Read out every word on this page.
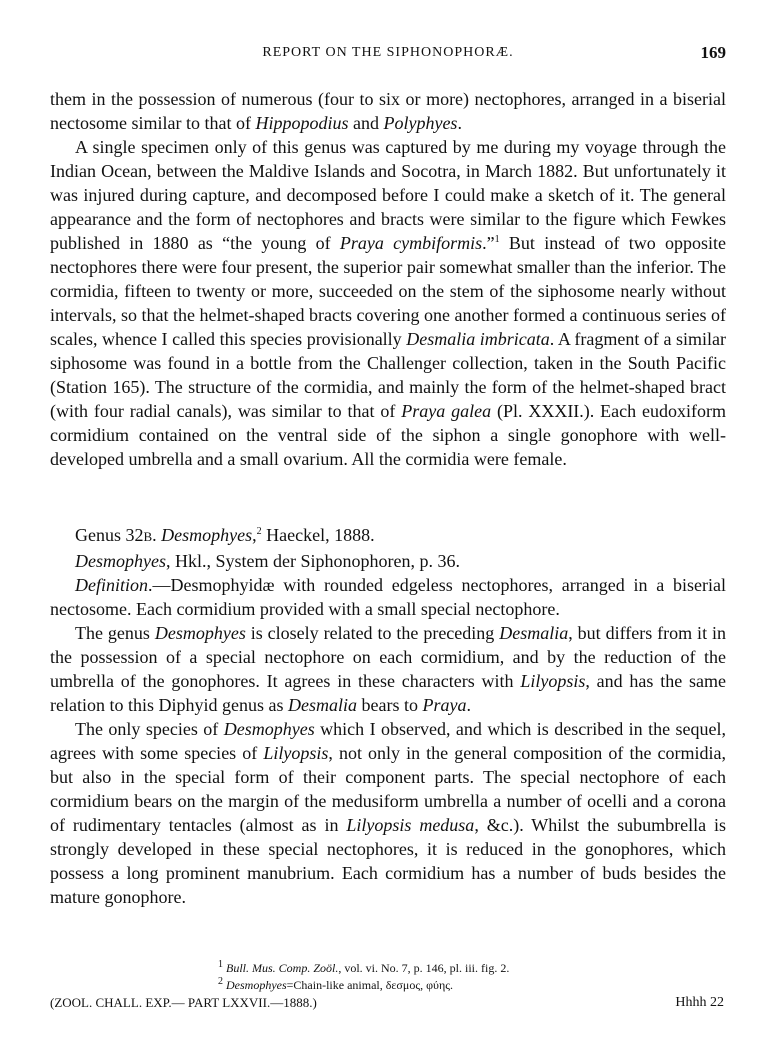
REPORT ON THE SIPHONOPHORÆ.	169

them in the possession of numerous (four to six or more) nectophores, arranged in a biserial nectosome similar to that of Hippopodius and Polyphyes.

A single specimen only of this genus was captured by me during my voyage through the Indian Ocean, between the Maldive Islands and Socotra, in March 1882. But unfortunately it was injured during capture, and decomposed before I could make a sketch of it. The general appearance and the form of nectophores and bracts were similar to the figure which Fewkes published in 1880 as “the young of Praya cymbiformis.”$^1$ But instead of two opposite nectophores there were four present, the superior pair somewhat smaller than the inferior. The cormidia, fifteen to twenty or more, succeeded on the stem of the siphosome nearly without intervals, so that the helmet-shaped bracts covering one another formed a continuous series of scales, whence I called this species provisionally Desmalia imbricata. A fragment of a similar siphosome was found in a bottle from the Challenger collection, taken in the South Pacific (Station 165). The structure of the cormidia, and mainly the form of the helmet-shaped bract (with four radial canals), was similar to that of Praya galea (Pl. XXXII.). Each eudoxiform cormidium contained on the ventral side of the siphon a single gonophore with well-developed umbrella and a small ovarium. All the cormidia were female.

Genus 32B. Desmophyes,$^2$ Haeckel, 1888.

Desmophyes, Hkl., System der Siphonophoren, p. 36.

Definition.—Desmophyidæ with rounded edgeless nectophores, arranged in a biserial nectosome. Each cormidium provided with a small special nectophore.

The genus Desmophyes is closely related to the preceding Desmalia, but differs from it in the possession of a special nectophore on each cormidium, and by the reduction of the umbrella of the gonophores. It agrees in these characters with Lilyopsis, and has the same relation to this Diphyid genus as Desmalia bears to Praya.

The only species of Desmophyes which I observed, and which is described in the sequel, agrees with some species of Lilyopsis, not only in the general composition of the cormidia, but also in the special form of their component parts. The special nectophore of each cormidium bears on the margin of the medusiform umbrella a number of ocelli and a corona of rudimentary tentacles (almost as in Lilyopsis medusa, &c.). Whilst the subumbrella is strongly developed in these special nectophores, it is reduced in the gonophores, which possess a long prominent manubrium. Each cormidium has a number of buds besides the mature gonophore.

$^1$ Bull. Mus. Comp. Zoöl., vol. vi. No. 7, p. 146, pl. iii. fig. 2.
$^2$ Desmophyes=Chain-like animal, δεσμος, φύης.
(ZOOL. CHALL. EXP.— PART LXXVII.—1888.)	Hhhh 22
